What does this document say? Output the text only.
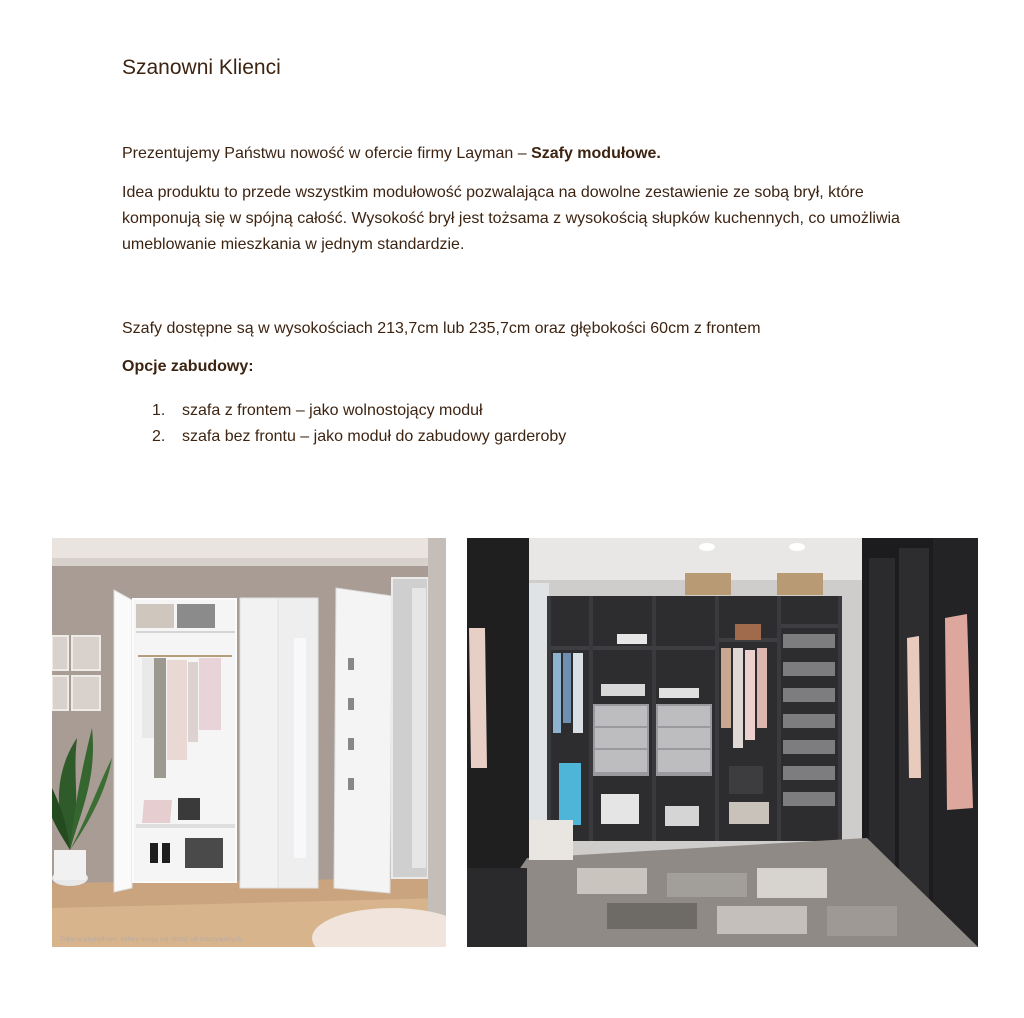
Szanowni Klienci

Prezentujemy Państwu nowość w ofercie firmy Layman – Szafy modułowe.

Idea produktu to przede wszystkim modułowość pozwalająca na dowolne zestawienie ze sobą brył, które komponują się w spójną całość. Wysokość brył jest tożsama z wysokością słupków kuchennych, co umożliwia umeblowanie mieszkania w jednym standardzie.

Szafy dostępne są w wysokościach 213,7cm lub 235,7cm oraz głębokości 60cm z frontem

Opcje zabudowy:
1.	szafa z frontem – jako wolnostojący moduł
2.	szafa bez frontu – jako moduł do zabudowy garderoby
Zdjęcie poglądowe. Kolory mogą się różnić od rzeczywistych.
